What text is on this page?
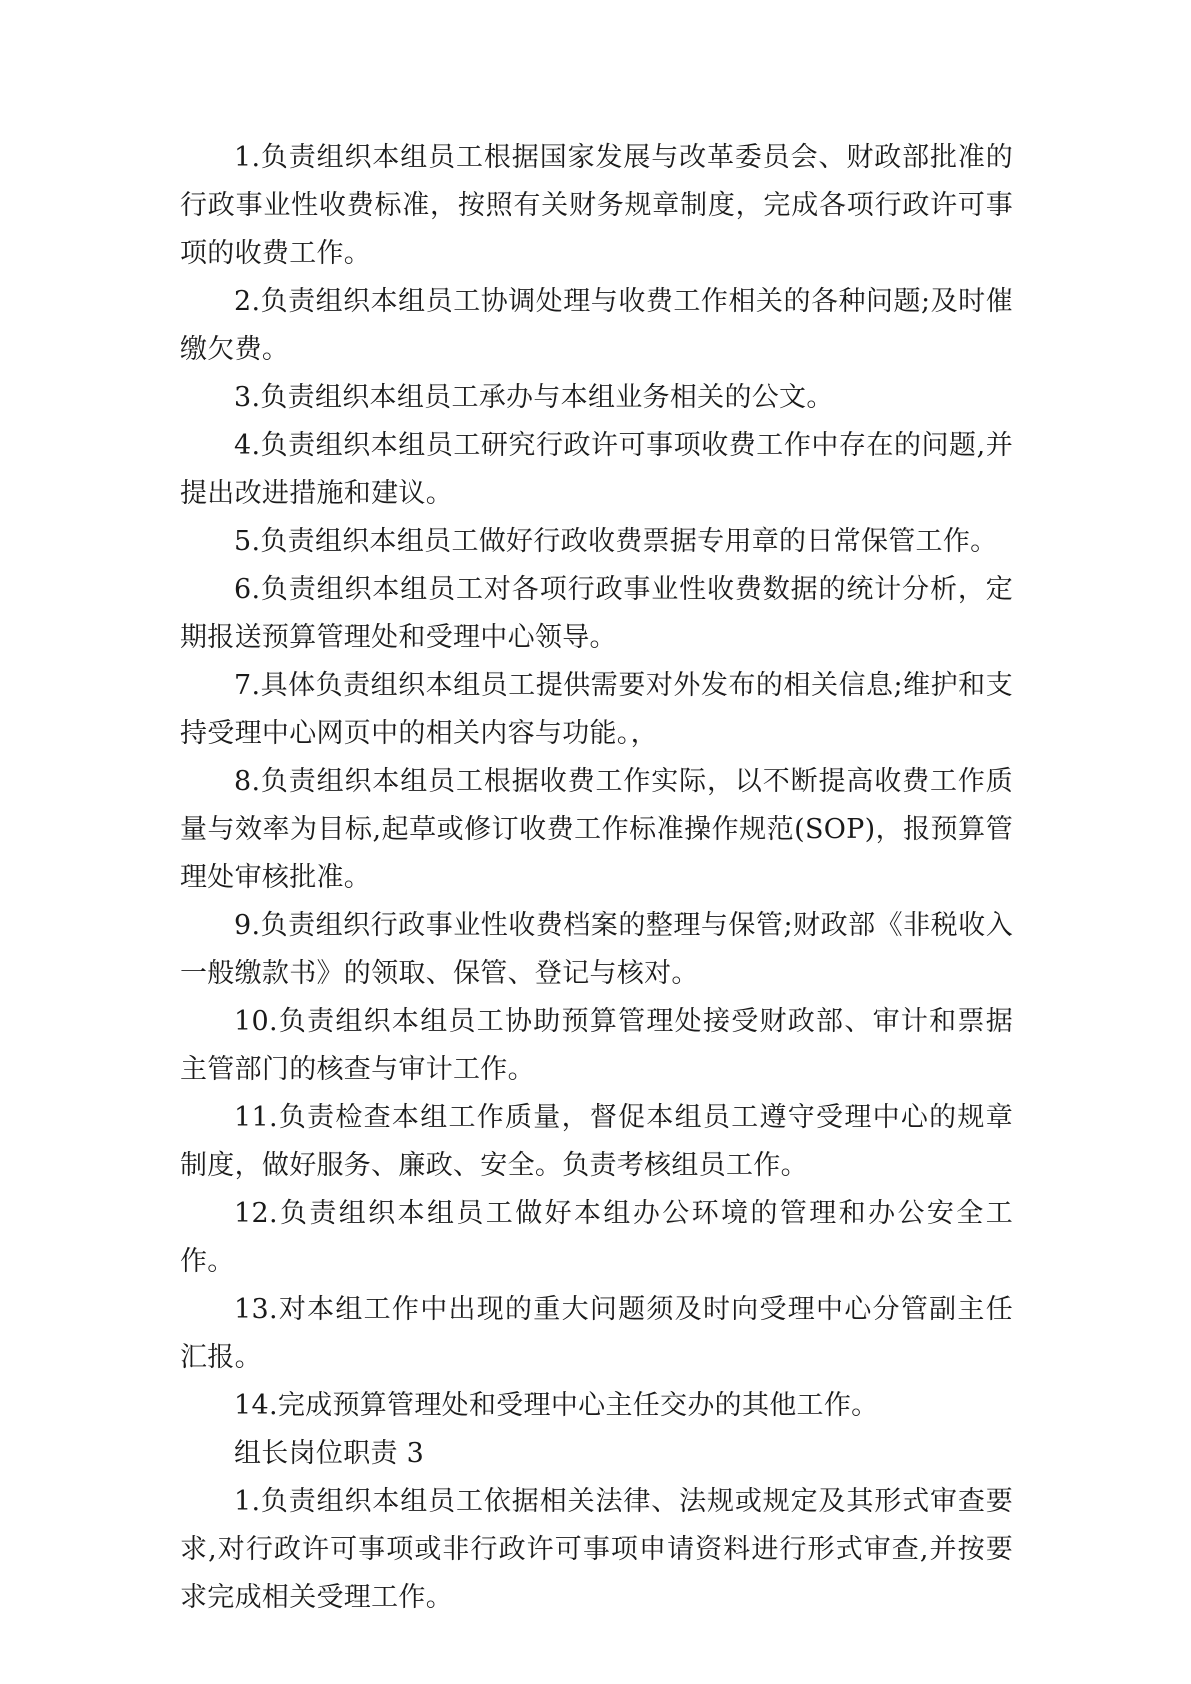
1.负责组织本组员工根据国家发展与改革委员会、财政部批准的行政事业性收费标准，按照有关财务规章制度，完成各项行政许可事项的收费工作。

2.负责组织本组员工协调处理与收费工作相关的各种问题;及时催缴欠费。

3.负责组织本组员工承办与本组业务相关的公文。

4.负责组织本组员工研究行政许可事项收费工作中存在的问题,并提出改进措施和建议。

5.负责组织本组员工做好行政收费票据专用章的日常保管工作。

6.负责组织本组员工对各项行政事业性收费数据的统计分析，定期报送预算管理处和受理中心领导。

7.具体负责组织本组员工提供需要对外发布的相关信息;维护和支持受理中心网页中的相关内容与功能。，

8.负责组织本组员工根据收费工作实际，以不断提高收费工作质量与效率为目标,起草或修订收费工作标准操作规范(SOP)，报预算管理处审核批准。

9.负责组织行政事业性收费档案的整理与保管;财政部《非税收入一般缴款书》的领取、保管、登记与核对。

10.负责组织本组员工协助预算管理处接受财政部、审计和票据主管部门的核查与审计工作。

11.负责检查本组工作质量，督促本组员工遵守受理中心的规章制度，做好服务、廉政、安全。负责考核组员工作。

12.负责组织本组员工做好本组办公环境的管理和办公安全工作。

13.对本组工作中出现的重大问题须及时向受理中心分管副主任汇报。

14.完成预算管理处和受理中心主任交办的其他工作。

组长岗位职责 3

1.负责组织本组员工依据相关法律、法规或规定及其形式审查要求,对行政许可事项或非行政许可事项申请资料进行形式审查,并按要求完成相关受理工作。
